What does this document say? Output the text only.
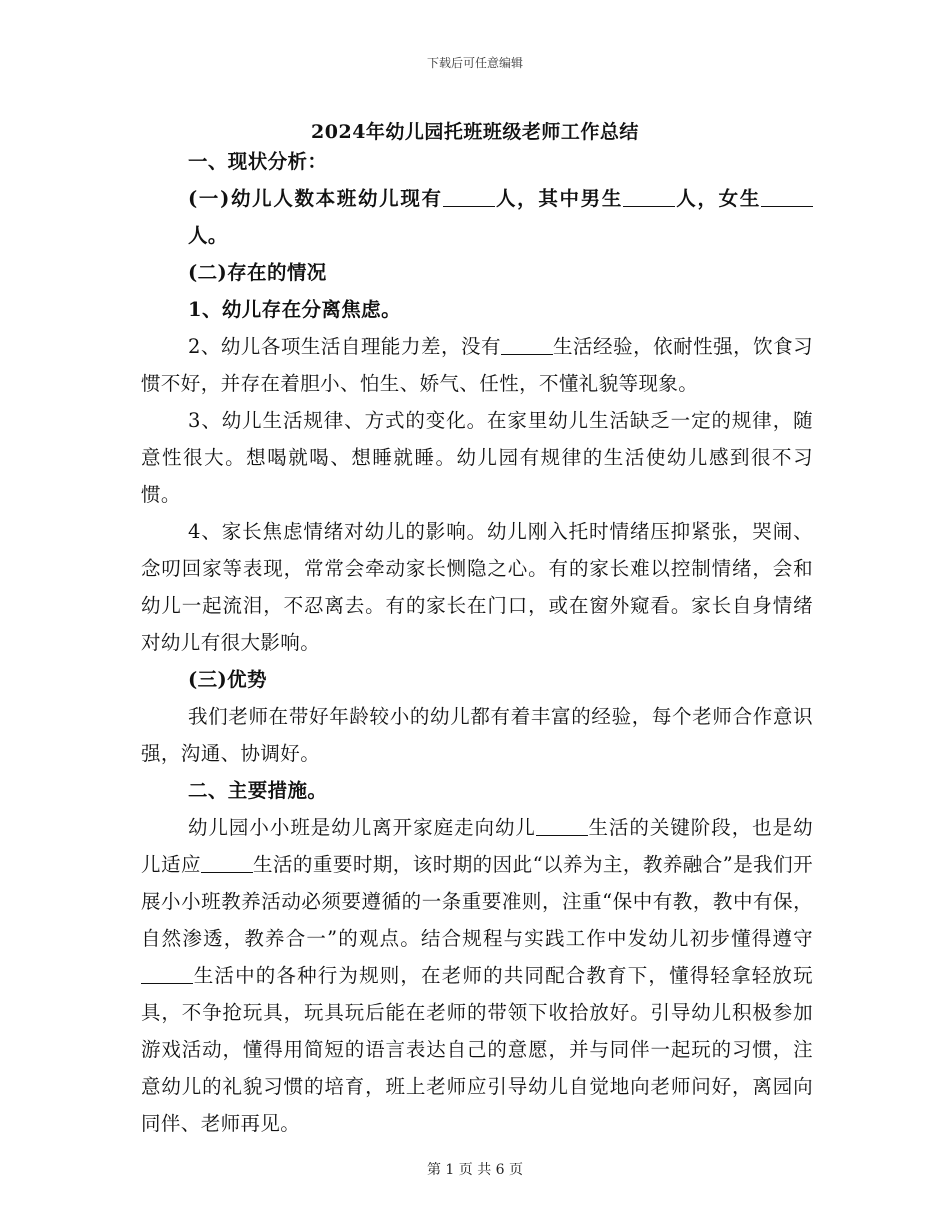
下载后可任意编辑
2024年幼儿园托班班级老师工作总结

一、现状分析：

(一)幼儿人数本班幼儿现有	人，其中男生	人，女生人。

(二)存在的情况

1、幼儿存在分离焦虑。

2、幼儿各项生活自理能力差，没有	生活经验，依耐性强，饮食习惯不好，并存在着胆小、怕生、娇气、任性，不懂礼貌等现象。

3、幼儿生活规律、方式的变化。在家里幼儿生活缺乏一定的规律，随意性很大。想喝就喝、想睡就睡。幼儿园有规律的生活使幼儿感到很不习惯。

4、家长焦虑情绪对幼儿的影响。幼儿刚入托时情绪压抑紧张，哭闹、念叨回家等表现，常常会牵动家长恻隐之心。有的家长难以控制情绪，会和幼儿一起流泪，不忍离去。有的家长在门口，或在窗外窥看。家长自身情绪对幼儿有很大影响。

(三)优势

我们老师在带好年龄较小的幼儿都有着丰富的经验，每个老师合作意识强，沟通、协调好。

二、主要措施。

幼儿园小小班是幼儿离开家庭走向幼儿	生活的关键阶段，也是幼儿适应	生活的重要时期，该时期的因此“以养为主，教养融合”是我们开展小小班教养活动必须要遵循的一条重要准则，注重“保中有教，教中有保，自然渗透，教养合一”的观点。结合规程与实践工作中发幼儿初步懂得遵守生活中的各种行为规则，在老师的共同配合教育下，懂得轻拿轻放玩具，不争抢玩具，玩具玩后能在老师的带领下收拾放好。引导幼儿积极参加游戏活动，懂得用简短的语言表达自己的意愿，并与同伴一起玩的习惯，注意幼儿的礼貌习惯的培育，班上老师应引导幼儿自觉地向老师问好，离园向同伴、老师再见。

第 1 页 共 6 页
